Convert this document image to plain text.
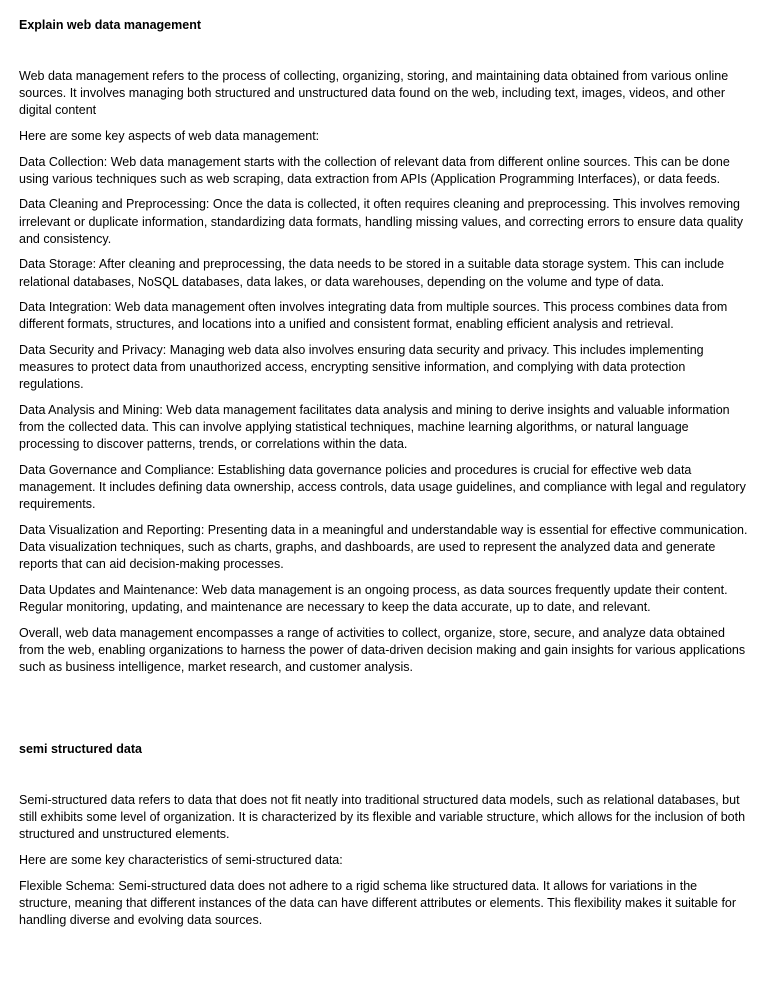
Explain web data management

Web data management refers to the process of collecting, organizing, storing, and maintaining data obtained from various online sources. It involves managing both structured and unstructured data found on the web, including text, images, videos, and other digital content

Here are some key aspects of web data management:

Data Collection: Web data management starts with the collection of relevant data from different online sources. This can be done using various techniques such as web scraping, data extraction from APIs (Application Programming Interfaces), or data feeds.

Data Cleaning and Preprocessing: Once the data is collected, it often requires cleaning and preprocessing. This involves removing irrelevant or duplicate information, standardizing data formats, handling missing values, and correcting errors to ensure data quality and consistency.

Data Storage: After cleaning and preprocessing, the data needs to be stored in a suitable data storage system. This can include relational databases, NoSQL databases, data lakes, or data warehouses, depending on the volume and type of data.

Data Integration: Web data management often involves integrating data from multiple sources. This process combines data from different formats, structures, and locations into a unified and consistent format, enabling efficient analysis and retrieval.

Data Security and Privacy: Managing web data also involves ensuring data security and privacy. This includes implementing measures to protect data from unauthorized access, encrypting sensitive information, and complying with data protection regulations.

Data Analysis and Mining: Web data management facilitates data analysis and mining to derive insights and valuable information from the collected data. This can involve applying statistical techniques, machine learning algorithms, or natural language processing to discover patterns, trends, or correlations within the data.

Data Governance and Compliance: Establishing data governance policies and procedures is crucial for effective web data management. It includes defining data ownership, access controls, data usage guidelines, and compliance with legal and regulatory requirements.

Data Visualization and Reporting: Presenting data in a meaningful and understandable way is essential for effective communication. Data visualization techniques, such as charts, graphs, and dashboards, are used to represent the analyzed data and generate reports that can aid decision-making processes.

Data Updates and Maintenance: Web data management is an ongoing process, as data sources frequently update their content. Regular monitoring, updating, and maintenance are necessary to keep the data accurate, up to date, and relevant.

Overall, web data management encompasses a range of activities to collect, organize, store, secure, and analyze data obtained from the web, enabling organizations to harness the power of data-driven decision making and gain insights for various applications such as business intelligence, market research, and customer analysis.

semi structured data

Semi-structured data refers to data that does not fit neatly into traditional structured data models, such as relational databases, but still exhibits some level of organization. It is characterized by its flexible and variable structure, which allows for the inclusion of both structured and unstructured elements.

Here are some key characteristics of semi-structured data:

Flexible Schema: Semi-structured data does not adhere to a rigid schema like structured data. It allows for variations in the structure, meaning that different instances of the data can have different attributes or elements. This flexibility makes it suitable for handling diverse and evolving data sources.
